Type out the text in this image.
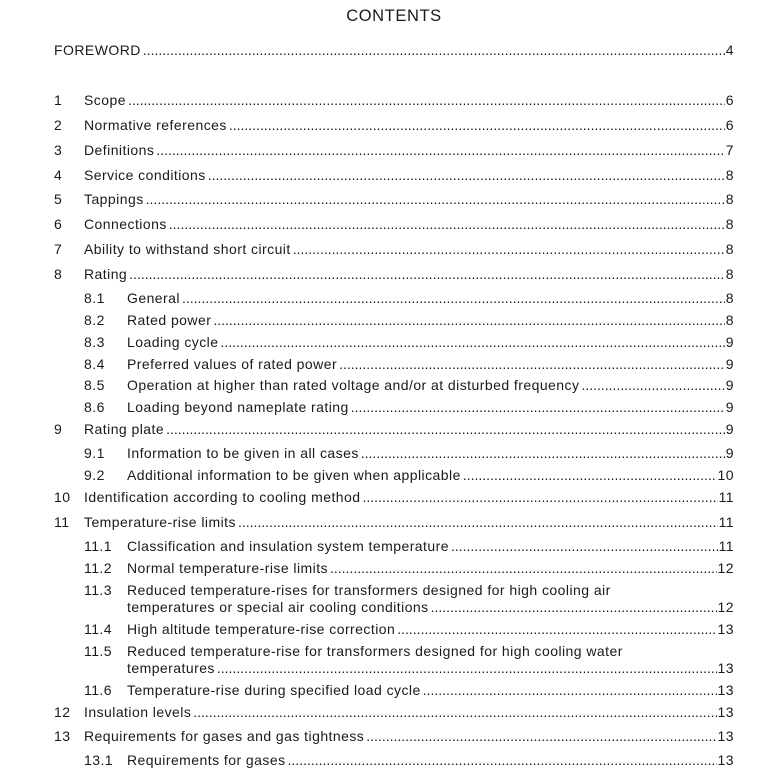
CONTENTS
FOREWORD .....	4
1	Scope .....	6
2	Normative references .....	6
3	Definitions .....	7
4	Service conditions .....	8
5	Tappings .....	8
6	Connections .....	8
7	Ability to withstand short circuit .....	8
8	Rating .....	8
8.1	General .....	8
8.2	Rated power .....	8
8.3	Loading cycle .....	9
8.4	Preferred values of rated power .....	9
8.5	Operation at higher than rated voltage and/or at disturbed frequency .....	9
8.6	Loading beyond nameplate rating .....	9
9	Rating plate .....	9
9.1	Information to be given in all cases .....	9
9.2	Additional information to be given when applicable .....	10
10 Identification according to cooling method .....	11
11	Temperature-rise limits .....	11
11.1	Classification and insulation system temperature .....	11
11.2	Normal temperature-rise limits .....	12
11.3 Reduced temperature-rises for transformers designed for high cooling air
temperatures or special air cooling conditions .....	12
11.4	High altitude temperature-rise correction .....	13
11.5 Reduced temperature-rise for transformers designed for high cooling water
temperatures .....	13
11.6	Temperature-rise during specified load cycle .....	13
12 Insulation levels .....	13
13 Requirements for gases and gas tightness .....	13
13.1 Requirements for gases .....	13
